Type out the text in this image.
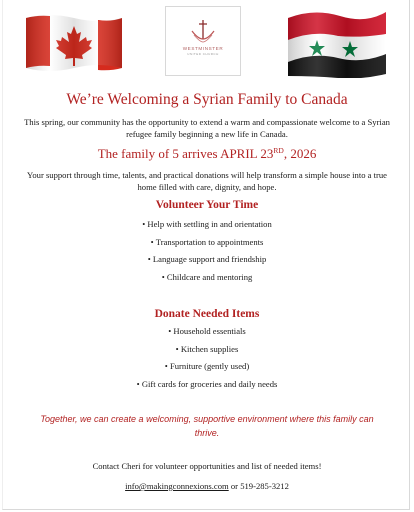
WESTMINSTER
UNITED CHURCH
We’re Welcoming a Syrian Family to Canada
This spring, our community has the opportunity to extend a warm and compassionate welcome to a Syrian refugee family beginning a new life in Canada.
The family of 5 arrives APRIL 23RD, 2026
Your support through time, talents, and practical donations will help transform a simple house into a true home filled with care, dignity, and hope.
Volunteer Your Time
• Help with settling in and orientation
• Transportation to appointments
• Language support and friendship
• Childcare and mentoring
Donate Needed Items
• Household essentials
• Kitchen supplies
• Furniture (gently used)
• Gift cards for groceries and daily needs
Together, we can create a welcoming, supportive environment where this family can thrive.
Contact Cheri for volunteer opportunities and list of needed items!
info@makingconnexions.com or 519-285-3212
